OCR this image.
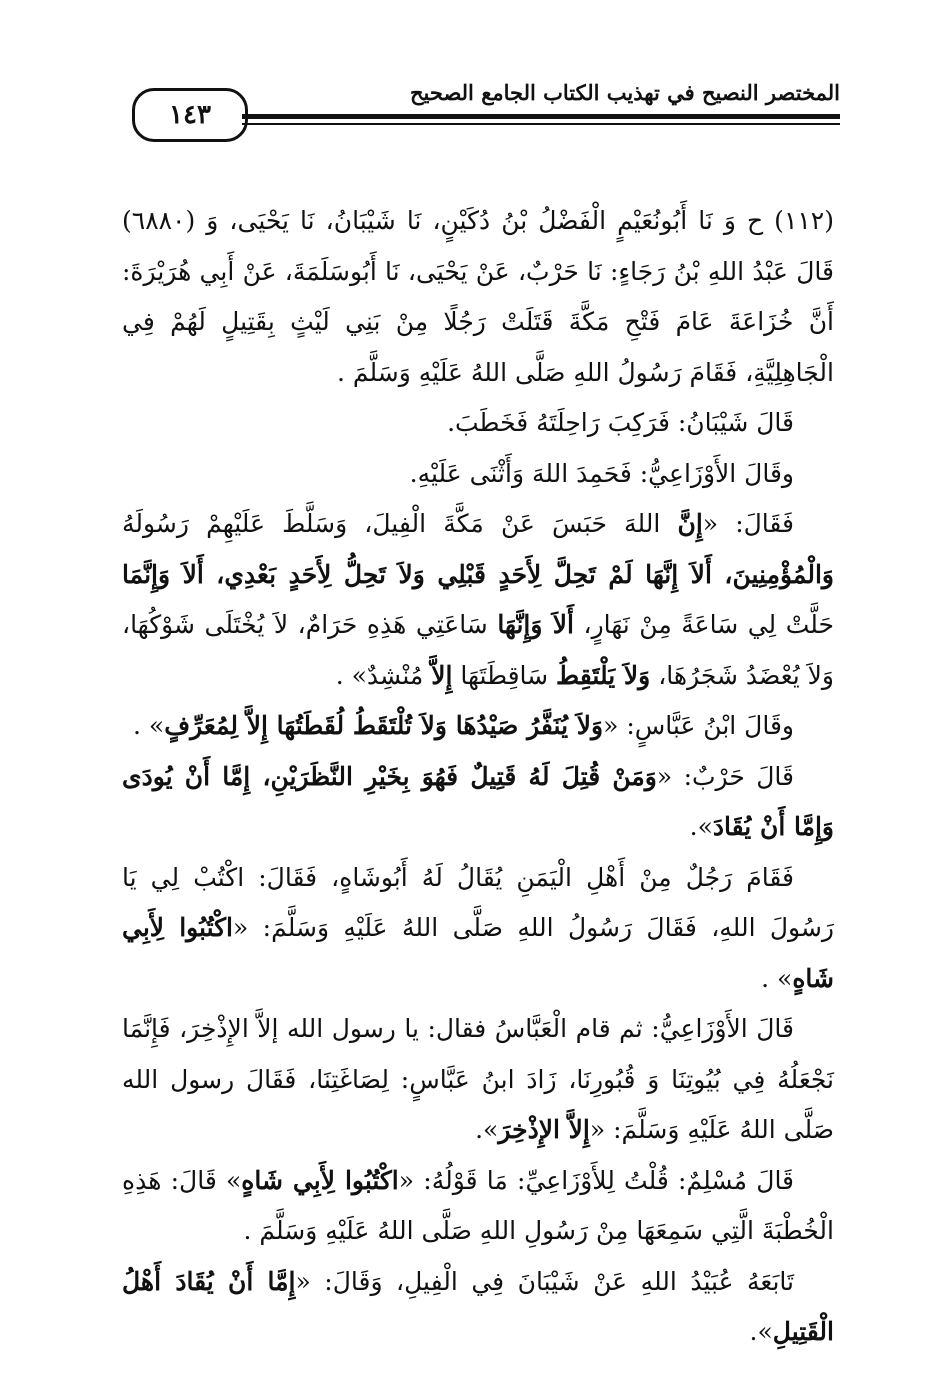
١٤٣
المختصر النصيح في تهذيب الكتاب الجامع الصحيح

(١١٢) ح وَ نَا أَبُونُعَيْمٍ الْفَضْلُ بْنُ دُكَيْنٍ، نَا شَيْبَانُ، نَا يَحْيَى، وَ (٦٨٨٠) قَالَ عَبْدُ اللهِ بْنُ رَجَاءٍ: نَا حَرْبٌ، عَنْ يَحْيَى، نَا أَبُوسَلَمَةَ، عَنْ أَبِي هُرَيْرَةَ: أَنَّ خُزَاعَةَ عَامَ فَتْحِ مَكَّةَ قَتَلَتْ رَجُلًا مِنْ بَنِي لَيْثٍ بِقَتِيلٍ لَهُمْ فِي الْجَاهِلِيَّةِ، فَقَامَ رَسُولُ اللهِ صَلَّى اللهُ عَلَيْهِ وَسَلَّمَ .

قَالَ شَيْبَانُ: فَرَكِبَ رَاحِلَتَهُ فَخَطَبَ.

وقَالَ الأَوْزَاعِيُّ: فَحَمِدَ اللهَ وَأَثْنَى عَلَيْهِ.

فَقَالَ: «إِنَّ اللهَ حَبَسَ عَنْ مَكَّةَ الْفِيلَ، وَسَلَّطَ عَلَيْهِمْ رَسُولَهُ وَالْمُؤْمِنِينَ، أَلاَ إِنَّهَا لَمْ تَحِلَّ لِأَحَدٍ قَبْلِي وَلاَ تَحِلُّ لِأَحَدٍ بَعْدِي، أَلاَ وَإِنَّمَا حَلَّتْ لِي سَاعَةً مِنْ نَهَارٍ، أَلاَ وَإِنَّهَا سَاعَتِي هَذِهِ حَرَامٌ، لاَ يُخْتَلَى شَوْكُهَا، وَلاَ يُعْضَدُ شَجَرُهَا، وَلاَ يَلْتَقِطُ سَاقِطَتَهَا إِلاَّ مُنْشِدٌ» .

وقَالَ ابْنُ عَبَّاسٍ: «وَلاَ يُنَفَّرُ صَيْدُهَا وَلاَ تُلْتَقَطُ لُقَطَتُهَا إِلاَّ لِمُعَرِّفٍ» .

قَالَ حَرْبٌ: «وَمَنْ قُتِلَ لَهُ قَتِيلٌ فَهُوَ بِخَيْرِ النَّظَرَيْنِ، إِمَّا أَنْ يُودَى وَإِمَّا أَنْ يُقَادَ».

فَقَامَ رَجُلٌ مِنْ أَهْلِ الْيَمَنِ يُقَالُ لَهُ أَبُوشَاهٍ، فَقَالَ: اكْتُبْ لِي يَا رَسُولَ اللهِ، فَقَالَ رَسُولُ اللهِ صَلَّى اللهُ عَلَيْهِ وَسَلَّمَ: «اكْتُبُوا لِأَبِي شَاهٍ» .

قَالَ الأَوْزَاعِيُّ: ثم قام الْعَبَّاسُ فقال: يا رسول الله إلاَّ الإِذْخِرَ، فَإِنَّمَا نَجْعَلُهُ فِي بُيُوتِنَا وَ قُبُورِنَا، زَادَ ابنُ عَبَّاسٍ: لِصَاغَتِنَا، فَقَالَ رسول الله صَلَّى اللهُ عَلَيْهِ وَسَلَّمَ: «إِلاَّ الإِذْخِرَ».

قَالَ مُسْلِمٌ: قُلْتُ لِلأَوْزَاعِيِّ: مَا قَوْلُهُ: «اكْتُبُوا لِأَبِي شَاهٍ» قَالَ: هَذِهِ الْخُطْبَةَ الَّتِي سَمِعَهَا مِنْ رَسُولِ اللهِ صَلَّى اللهُ عَلَيْهِ وَسَلَّمَ .

تَابَعَهُ عُبَيْدُ اللهِ عَنْ شَيْبَانَ فِي الْفِيلِ، وَقَالَ: «إِمَّا أَنْ يُقَادَ أَهْلُ الْقَتِيلِ».
